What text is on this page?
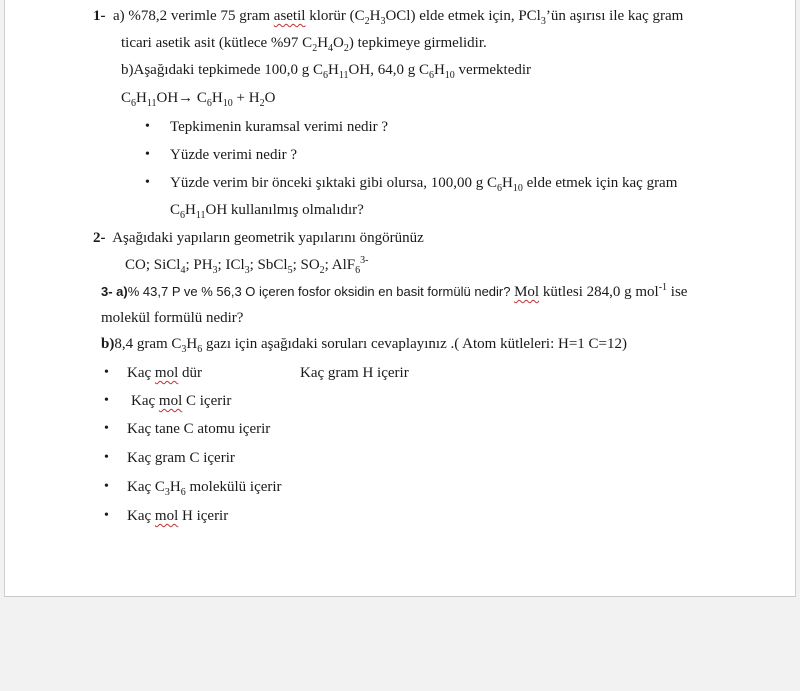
1- a) %78,2 verimle 75 gram asetil klorür $(C_2H_3OCl)$ elde etmek için, PCl$_3$’ün aşırısı ile kaç gram
ticari asetik asit (kütlece %97 $C_2H_4O_2$) tepkimeye girmelidir.
b)Aşağıdaki tepkimede 100,0 g $C_6H_{11}OH$, 64,0 g $C_6H_{10}$ vermektedir
$C_6H_{11}OH\to C_6H_{10} + H_2O$
• Tepkimenin kuramsal verimi nedir ?
• Yüzde verimi nedir ?
• Yüzde verim bir önceki şıktaki gibi olursa, 100,00 g $C_6H_{10}$ elde etmek için kaç gram
$C_6H_{11}OH$ kullanılmış olmalıdır?
2- Aşağıdaki yapıların geometrik yapılarını öngörünüz
CO; SiCl$_4$; $PH_3$; ICl$_3$; SbCl$_5$; $SO_2$; AlF$_6^{3-}$
3- a)% 43,7 P ve % 56,3 O içeren fosfor oksidin en basit formülü nedir? Mol kütlesi 284,0 g mol$^{-1}$ ise
molekül formülü nedir?
b)8,4 gram $C_3H_6$ gazı için aşağıdaki soruları cevaplayınız .( Atom kütleleri: H=1 C=12)
• Kaç mol dür	Kaç gram H içerir
• Kaç mol C içerir
• Kaç tane C atomu içerir
• Kaç gram C içerir
• Kaç $C_3H_6$ molekülü içerir
• Kaç mol H içerir
